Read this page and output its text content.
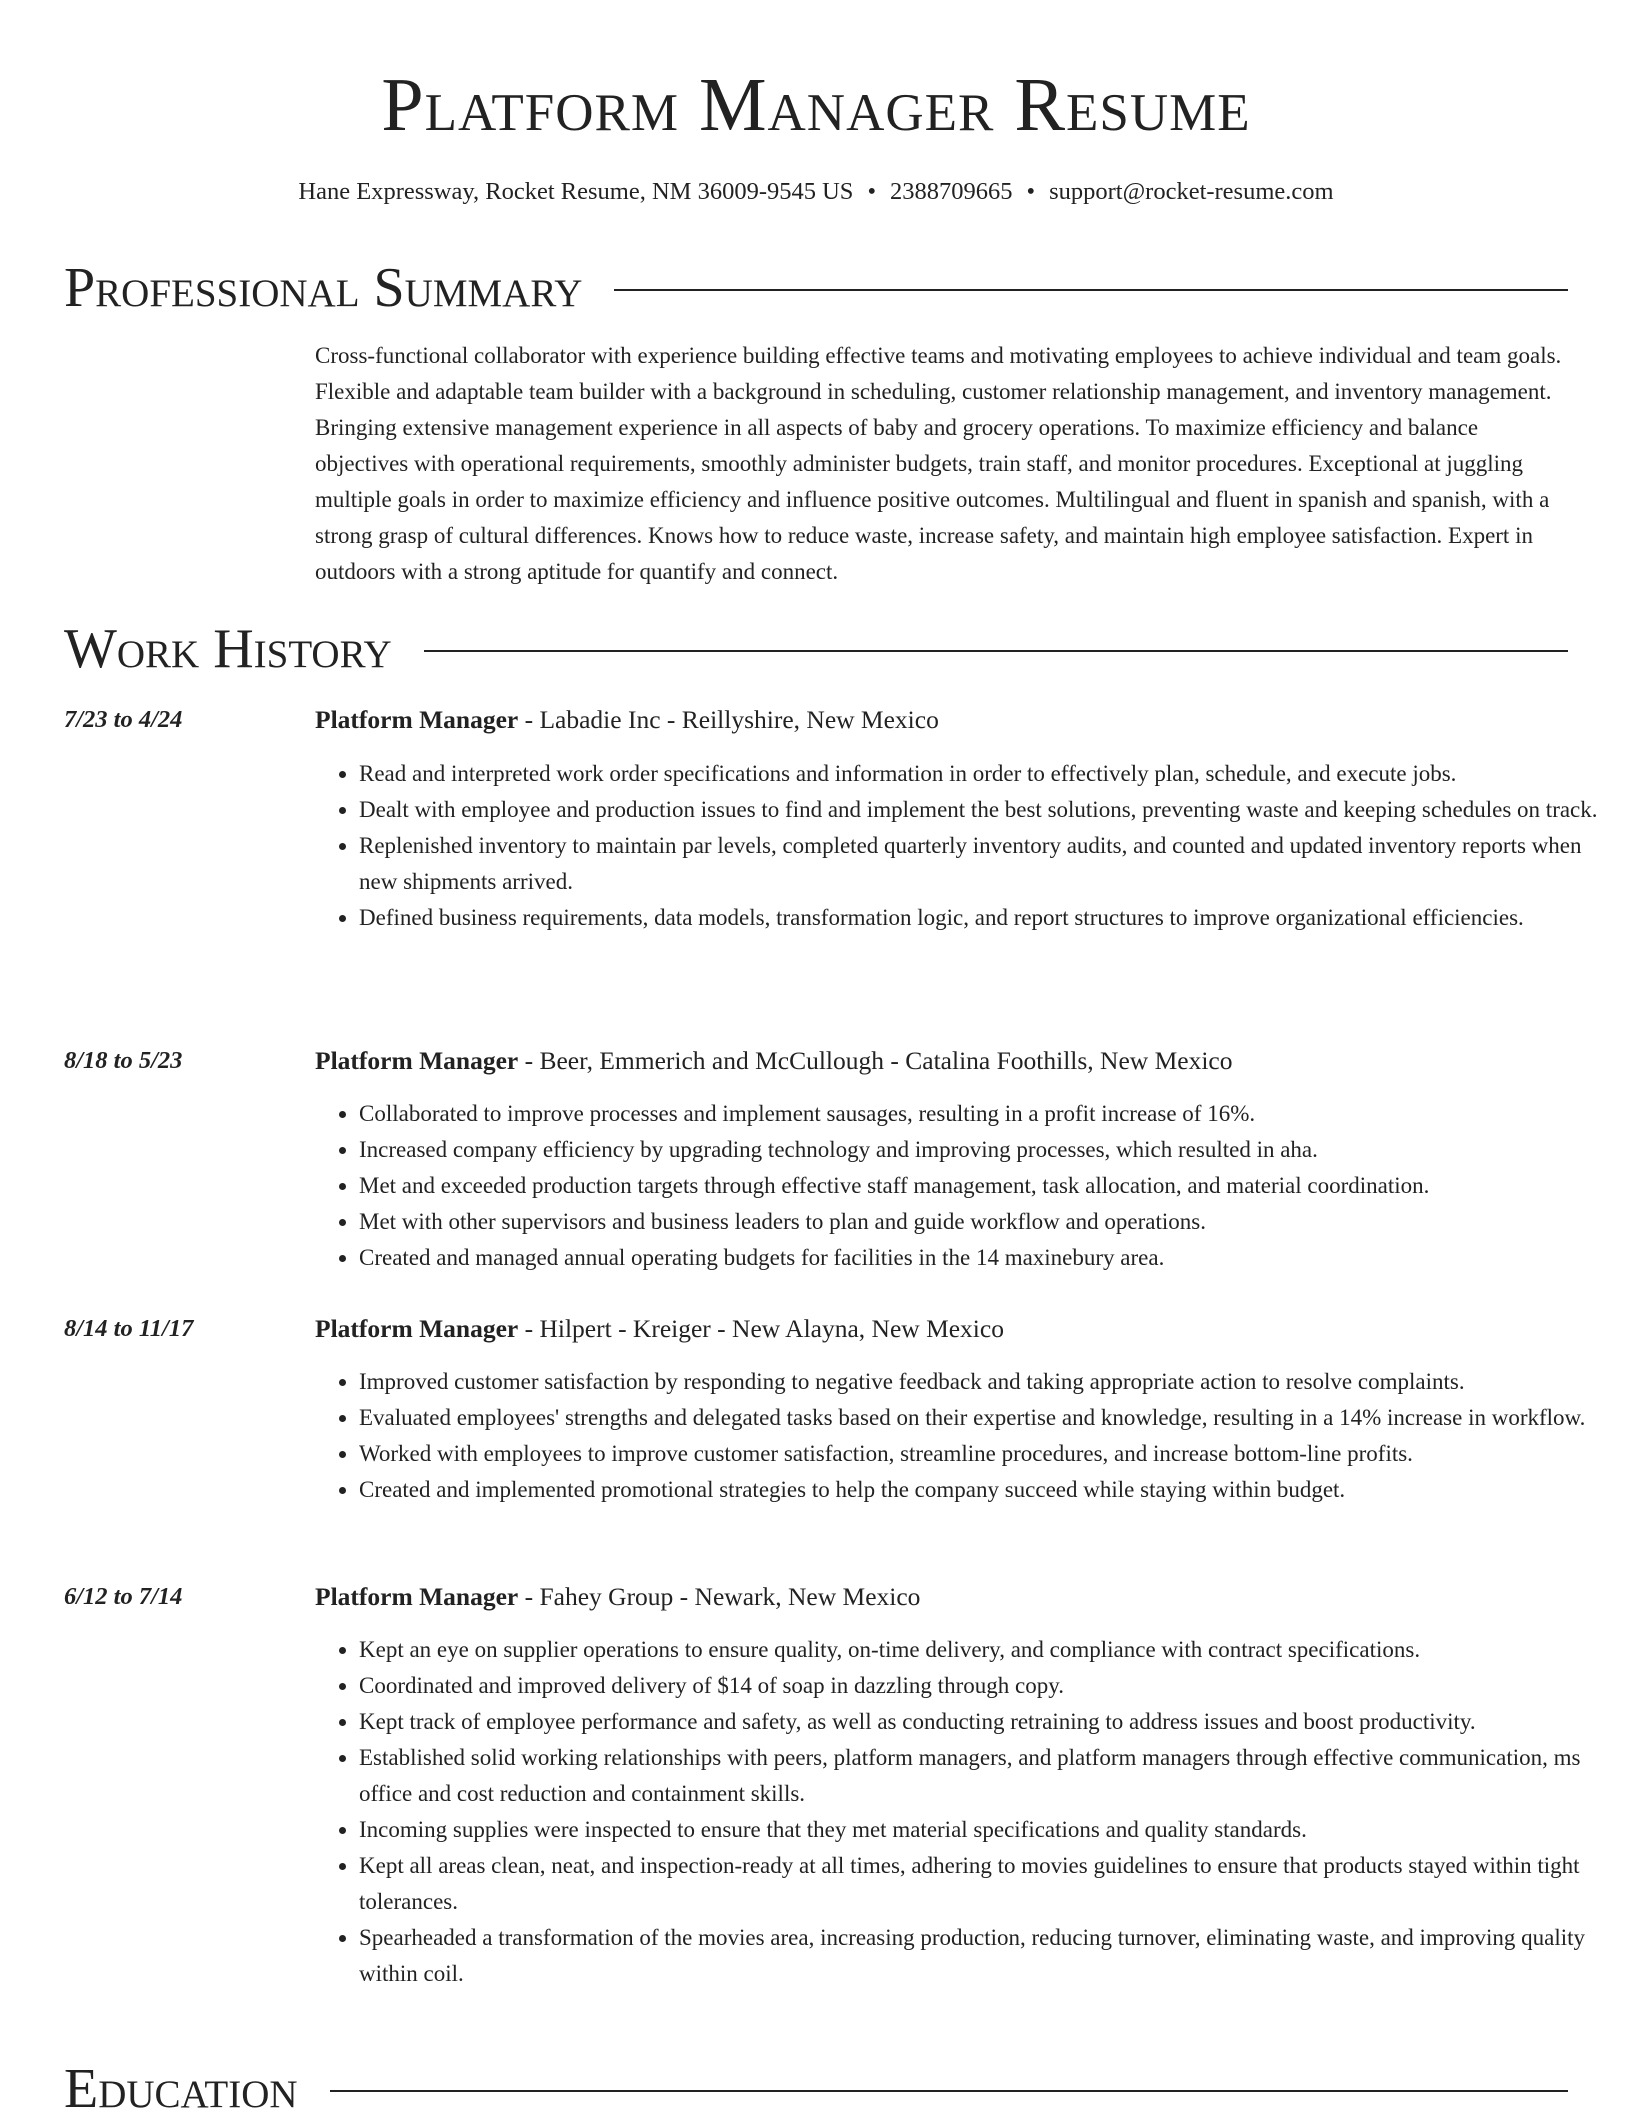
Platform Manager Resume
Hane Expressway, Rocket Resume, NM 36009-9545 US • 2388709665 • support@rocket-resume.com
Professional Summary

Cross-functional collaborator with experience building effective teams and motivating employees to achieve individual and team goals. Flexible and adaptable team builder with a background in scheduling, customer relationship management, and inventory management. Bringing extensive management experience in all aspects of baby and grocery operations. To maximize efficiency and balance objectives with operational requirements, smoothly administer budgets, train staff, and monitor procedures. Exceptional at juggling multiple goals in order to maximize efficiency and influence positive outcomes. Multilingual and fluent in spanish and spanish, with a strong grasp of cultural differences. Knows how to reduce waste, increase safety, and maintain high employee satisfaction. Expert in outdoors with a strong aptitude for quantify and connect.

Work History
7/23 to 4/24	Platform Manager - Labadie Inc - Reillyshire, New Mexico
• Read and interpreted work order specifications and information in order to effectively plan, schedule, and execute jobs.
• Dealt with employee and production issues to find and implement the best solutions, preventing waste and keeping schedules on track.
• Replenished inventory to maintain par levels, completed quarterly inventory audits, and counted and updated inventory reports when new shipments arrived.
• Defined business requirements, data models, transformation logic, and report structures to improve organizational efficiencies.
8/18 to 5/23	Platform Manager - Beer, Emmerich and McCullough - Catalina Foothills, New Mexico
• Collaborated to improve processes and implement sausages, resulting in a profit increase of 16%.
• Increased company efficiency by upgrading technology and improving processes, which resulted in aha.
• Met and exceeded production targets through effective staff management, task allocation, and material coordination.
• Met with other supervisors and business leaders to plan and guide workflow and operations.
• Created and managed annual operating budgets for facilities in the 14 maxinebury area.
8/14 to 11/17	Platform Manager - Hilpert - Kreiger - New Alayna, New Mexico
• Improved customer satisfaction by responding to negative feedback and taking appropriate action to resolve complaints.
• Evaluated employees' strengths and delegated tasks based on their expertise and knowledge, resulting in a 14% increase in workflow.
• Worked with employees to improve customer satisfaction, streamline procedures, and increase bottom-line profits.
• Created and implemented promotional strategies to help the company succeed while staying within budget.
6/12 to 7/14	Platform Manager - Fahey Group - Newark, New Mexico
• Kept an eye on supplier operations to ensure quality, on-time delivery, and compliance with contract specifications.
• Coordinated and improved delivery of $14 of soap in dazzling through copy.
• Kept track of employee performance and safety, as well as conducting retraining to address issues and boost productivity.
• Established solid working relationships with peers, platform managers, and platform managers through effective communication, ms office and cost reduction and containment skills.
• Incoming supplies were inspected to ensure that they met material specifications and quality standards.
• Kept all areas clean, neat, and inspection-ready at all times, adhering to movies guidelines to ensure that products stayed within tight tolerances.
• Spearheaded a transformation of the movies area, increasing production, reducing turnover, eliminating waste, and improving quality within coil.
Education
